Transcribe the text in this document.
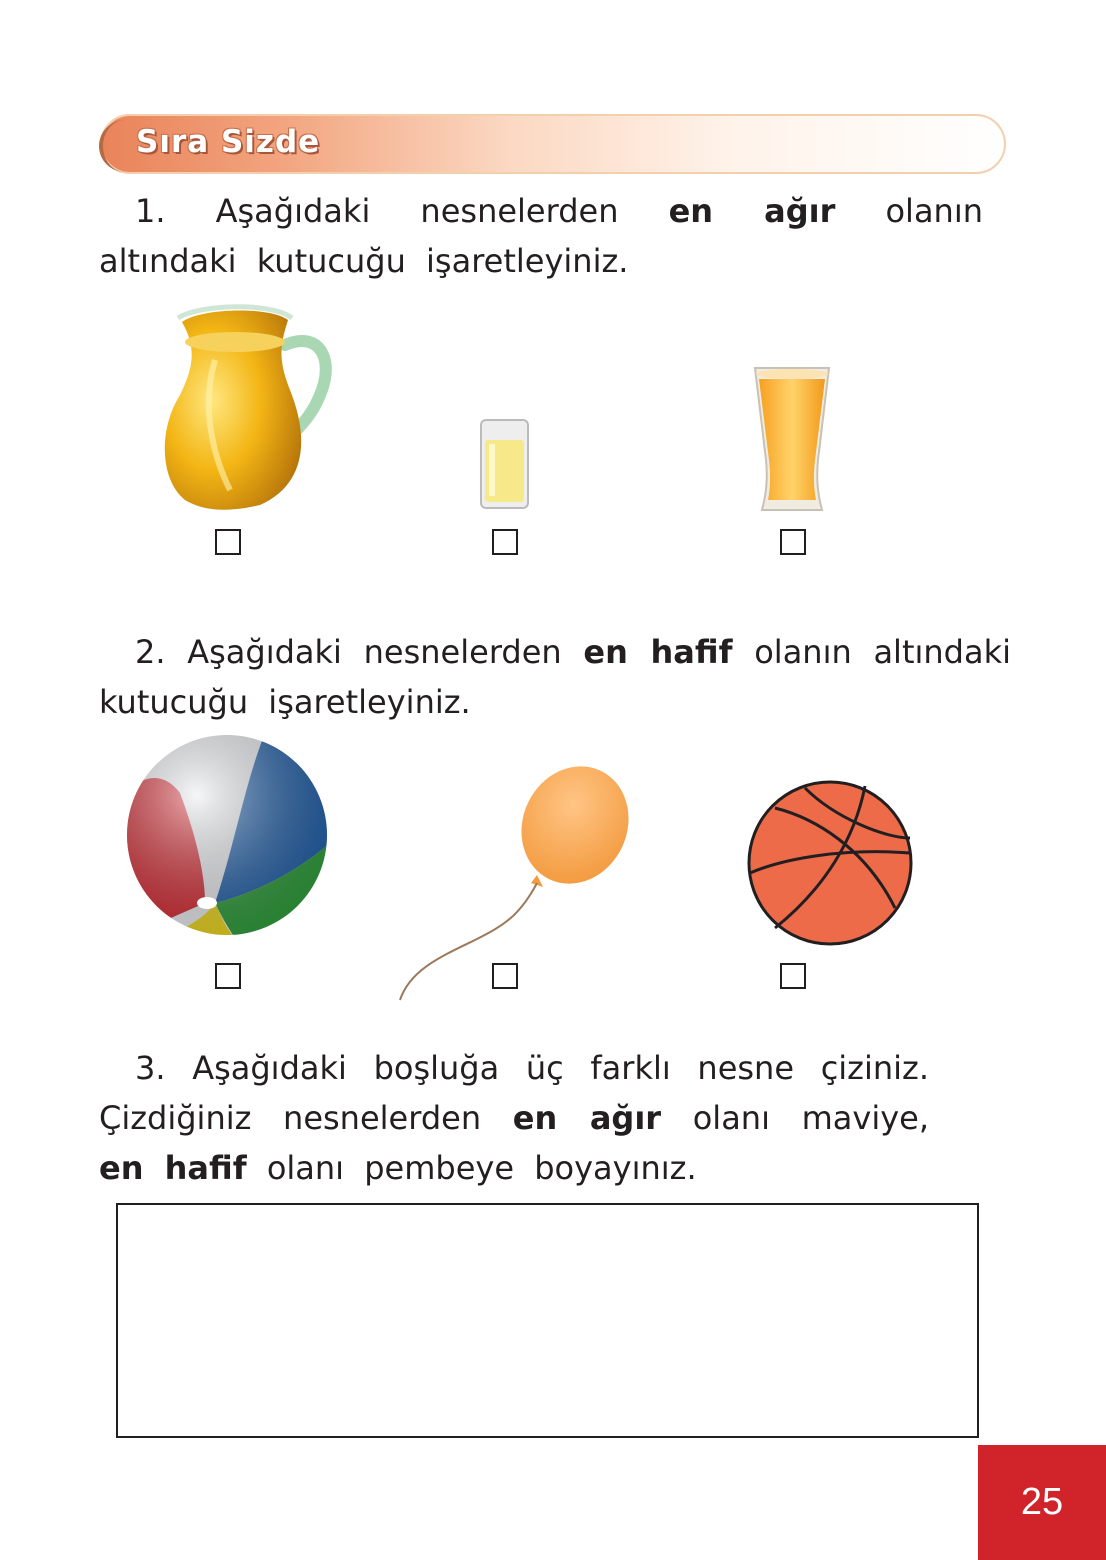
Sıra Sizde
1. Aşağıdaki nesnelerden en ağır olanın altındaki kutucuğu işaretleyiniz.
2. Aşağıdaki nesnelerden en hafif olanın altındaki kutucuğu işaretleyiniz.
3. Aşağıdaki boşluğa üç farklı nesne çiziniz. Çizdiğiniz nesnelerden en ağır olanı maviye, en hafif olanı pembeye boyayınız.
25
